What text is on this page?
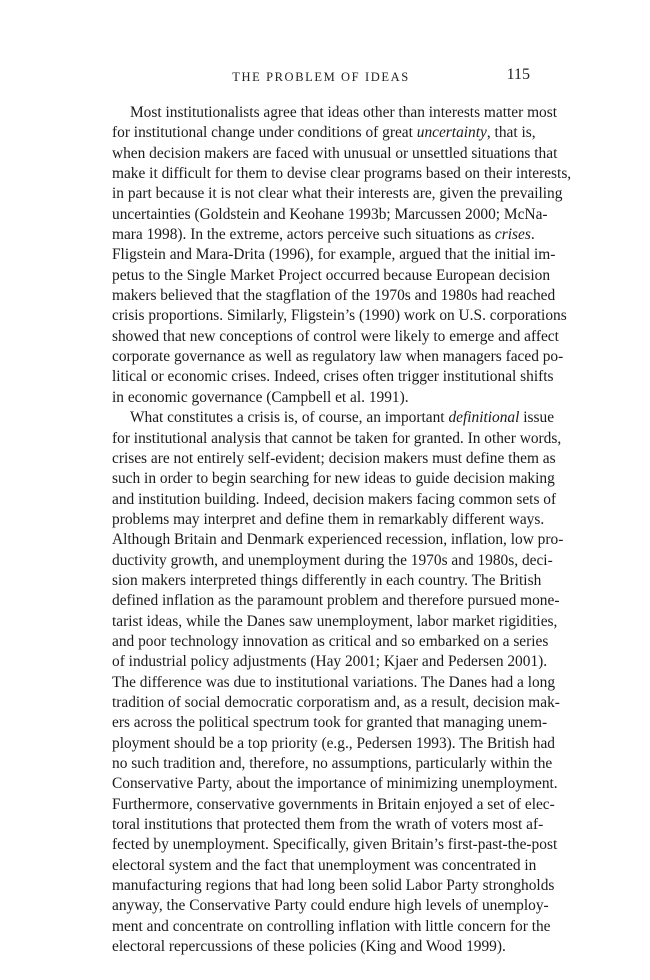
THE PROBLEM OF IDEAS	115
Most institutionalists agree that ideas other than interests matter most
for institutional change under conditions of great uncertainty, that is,
when decision makers are faced with unusual or unsettled situations that
make it difficult for them to devise clear programs based on their interests,
in part because it is not clear what their interests are, given the prevailing
uncertainties (Goldstein and Keohane 1993b; Marcussen 2000; McNa-
mara 1998). In the extreme, actors perceive such situations as crises.
Fligstein and Mara-Drita (1996), for example, argued that the initial im-
petus to the Single Market Project occurred because European decision
makers believed that the stagflation of the 1970s and 1980s had reached
crisis proportions. Similarly, Fligstein’s (1990) work on U.S. corporations
showed that new conceptions of control were likely to emerge and affect
corporate governance as well as regulatory law when managers faced po-
litical or economic crises. Indeed, crises often trigger institutional shifts
in economic governance (Campbell et al. 1991).
What constitutes a crisis is, of course, an important definitional issue
for institutional analysis that cannot be taken for granted. In other words,
crises are not entirely self-evident; decision makers must define them as
such in order to begin searching for new ideas to guide decision making
and institution building. Indeed, decision makers facing common sets of
problems may interpret and define them in remarkably different ways.
Although Britain and Denmark experienced recession, inflation, low pro-
ductivity growth, and unemployment during the 1970s and 1980s, deci-
sion makers interpreted things differently in each country. The British
defined inflation as the paramount problem and therefore pursued mone-
tarist ideas, while the Danes saw unemployment, labor market rigidities,
and poor technology innovation as critical and so embarked on a series
of industrial policy adjustments (Hay 2001; Kjaer and Pedersen 2001).
The difference was due to institutional variations. The Danes had a long
tradition of social democratic corporatism and, as a result, decision mak-
ers across the political spectrum took for granted that managing unem-
ployment should be a top priority (e.g., Pedersen 1993). The British had
no such tradition and, therefore, no assumptions, particularly within the
Conservative Party, about the importance of minimizing unemployment.
Furthermore, conservative governments in Britain enjoyed a set of elec-
toral institutions that protected them from the wrath of voters most af-
fected by unemployment. Specifically, given Britain’s first-past-the-post
electoral system and the fact that unemployment was concentrated in
manufacturing regions that had long been solid Labor Party strongholds
anyway, the Conservative Party could endure high levels of unemploy-
ment and concentrate on controlling inflation with little concern for the
electoral repercussions of these policies (King and Wood 1999).
